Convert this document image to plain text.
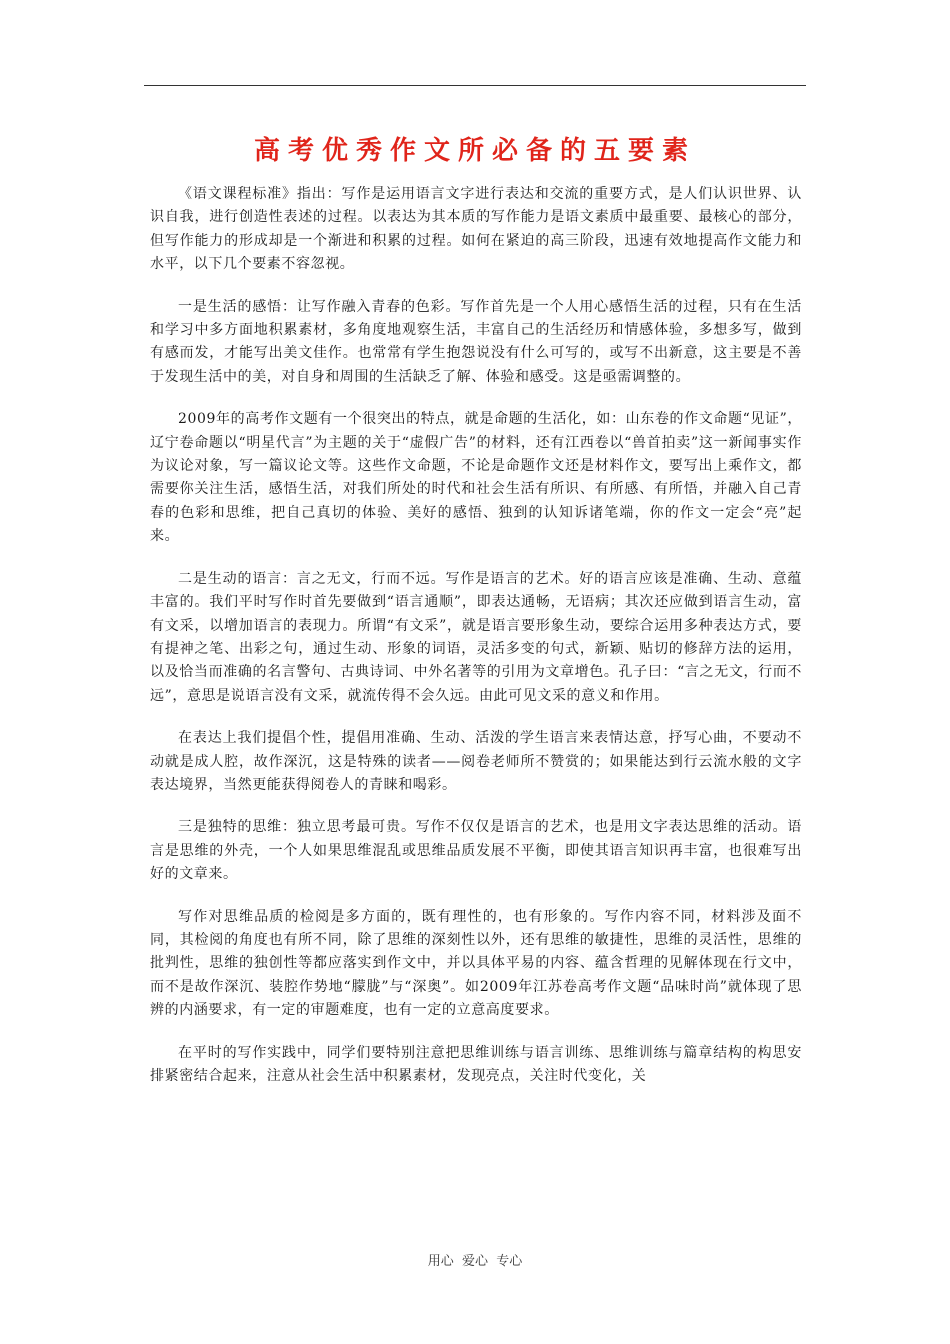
高考优秀作文所必备的五要素

《语文课程标准》指出：写作是运用语言文字进行表达和交流的重要方式，是人们认识世界、认识自我，进行创造性表述的过程。以表达为其本质的写作能力是语文素质中最重要、最核心的部分，但写作能力的形成却是一个渐进和积累的过程。如何在紧迫的高三阶段，迅速有效地提高作文能力和水平，以下几个要素不容忽视。

一是生活的感悟：让写作融入青春的色彩。写作首先是一个人用心感悟生活的过程，只有在生活和学习中多方面地积累素材，多角度地观察生活，丰富自己的生活经历和情感体验，多想多写，做到有感而发，才能写出美文佳作。也常常有学生抱怨说没有什么可写的，或写不出新意，这主要是不善于发现生活中的美，对自身和周围的生活缺乏了解、体验和感受。这是亟需调整的。

2009年的高考作文题有一个很突出的特点，就是命题的生活化，如：山东卷的作文命题“见证”，辽宁卷命题以“明星代言”为主题的关于“虚假广告”的材料，还有江西卷以“兽首拍卖”这一新闻事实作为议论对象，写一篇议论文等。这些作文命题，不论是命题作文还是材料作文，要写出上乘作文，都需要你关注生活，感悟生活，对我们所处的时代和社会生活有所识、有所感、有所悟，并融入自己青春的色彩和思维，把自己真切的体验、美好的感悟、独到的认知诉诸笔端，你的作文一定会“亮”起来。

二是生动的语言：言之无文，行而不远。写作是语言的艺术。好的语言应该是准确、生动、意蕴丰富的。我们平时写作时首先要做到“语言通顺”，即表达通畅，无语病；其次还应做到语言生动，富有文采，以增加语言的表现力。所谓“有文采”，就是语言要形象生动，要综合运用多种表达方式，要有提神之笔、出彩之句，通过生动、形象的词语，灵活多变的句式，新颖、贴切的修辞方法的运用，以及恰当而准确的名言警句、古典诗词、中外名著等的引用为文章增色。孔子曰：“言之无文，行而不远”，意思是说语言没有文采，就流传得不会久远。由此可见文采的意义和作用。

在表达上我们提倡个性，提倡用准确、生动、活泼的学生语言来表情达意，抒写心曲，不要动不动就是成人腔，故作深沉，这是特殊的读者——阅卷老师所不赞赏的；如果能达到行云流水般的文字表达境界，当然更能获得阅卷人的青睐和喝彩。

三是独特的思维：独立思考最可贵。写作不仅仅是语言的艺术，也是用文字表达思维的活动。语言是思维的外壳，一个人如果思维混乱或思维品质发展不平衡，即使其语言知识再丰富，也很难写出好的文章来。

写作对思维品质的检阅是多方面的，既有理性的，也有形象的。写作内容不同，材料涉及面不同，其检阅的角度也有所不同，除了思维的深刻性以外，还有思维的敏捷性，思维的灵活性，思维的批判性，思维的独创性等都应落实到作文中，并以具体平易的内容、蕴含哲理的见解体现在行文中，而不是故作深沉、装腔作势地“朦胧”与“深奥”。如2009年江苏卷高考作文题“品味时尚”就体现了思辨的内涵要求，有一定的审题难度，也有一定的立意高度要求。

在平时的写作实践中，同学们要特别注意把思维训练与语言训练、思维训练与篇章结构的构思安排紧密结合起来，注意从社会生活中积累素材，发现亮点，关注时代变化，关

用心  爱心  专心
